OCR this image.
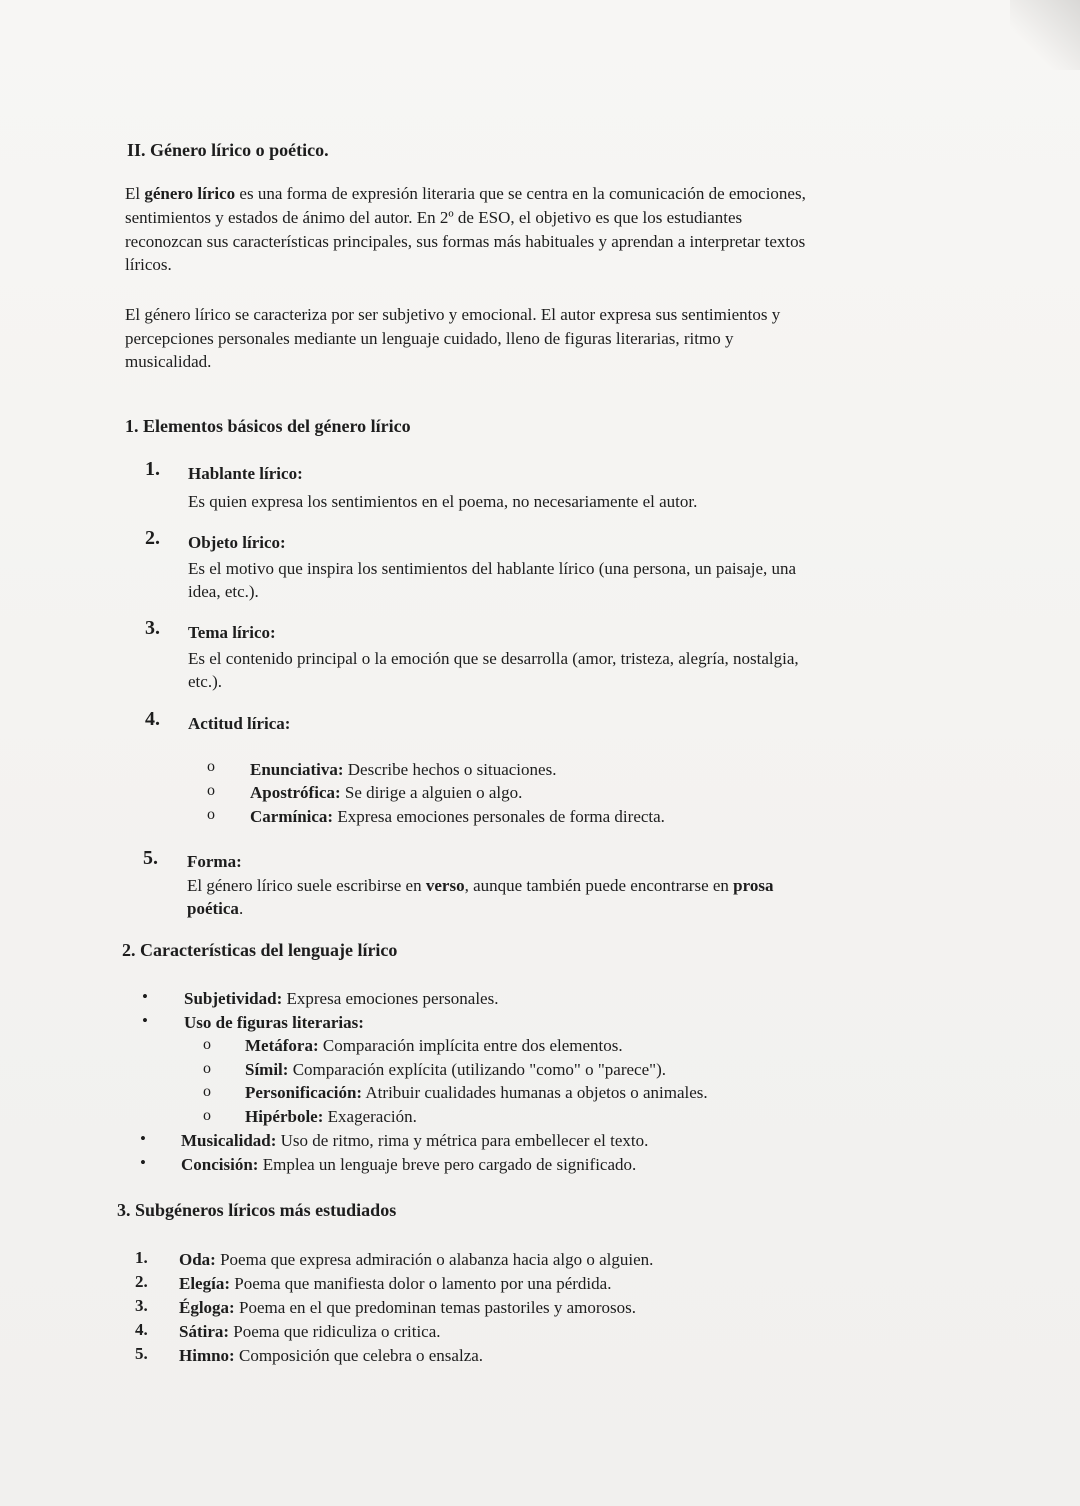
II. Género lírico o poético.
El género lírico es una forma de expresión literaria que se centra en la comunicación de emociones,
sentimientos y estados de ánimo del autor. En 2º de ESO, el objetivo es que los estudiantes
reconozcan sus características principales, sus formas más habituales y aprendan a interpretar textos
líricos.
El género lírico se caracteriza por ser subjetivo y emocional. El autor expresa sus sentimientos y
percepciones personales mediante un lenguaje cuidado, lleno de figuras literarias, ritmo y
musicalidad.
1. Elementos básicos del género lírico
1. Hablante lírico:
Es quien expresa los sentimientos en el poema, no necesariamente el autor.
2. Objeto lírico:
Es el motivo que inspira los sentimientos del hablante lírico (una persona, un paisaje, una
idea, etc.).
3. Tema lírico:
Es el contenido principal o la emoción que se desarrolla (amor, tristeza, alegría, nostalgia,
etc.).
4. Actitud lírica:
o Enunciativa: Describe hechos o situaciones.
o Apostrófica: Se dirige a alguien o algo.
o Carmínica: Expresa emociones personales de forma directa.
5. Forma:
El género lírico suele escribirse en verso, aunque también puede encontrarse en prosa
poética.
2. Características del lenguaje lírico
• Subjetividad: Expresa emociones personales.
• Uso de figuras literarias:
o Metáfora: Comparación implícita entre dos elementos.
o Símil: Comparación explícita (utilizando "como" o "parece").
o Personificación: Atribuir cualidades humanas a objetos o animales.
o Hipérbole: Exageración.
• Musicalidad: Uso de ritmo, rima y métrica para embellecer el texto.
• Concisión: Emplea un lenguaje breve pero cargado de significado.
3. Subgéneros líricos más estudiados
1. Oda: Poema que expresa admiración o alabanza hacia algo o alguien.
2. Elegía: Poema que manifiesta dolor o lamento por una pérdida.
3. Égloga: Poema en el que predominan temas pastoriles y amorosos.
4. Sátira: Poema que ridiculiza o critica.
5. Himno: Composición que celebra o ensalza.
